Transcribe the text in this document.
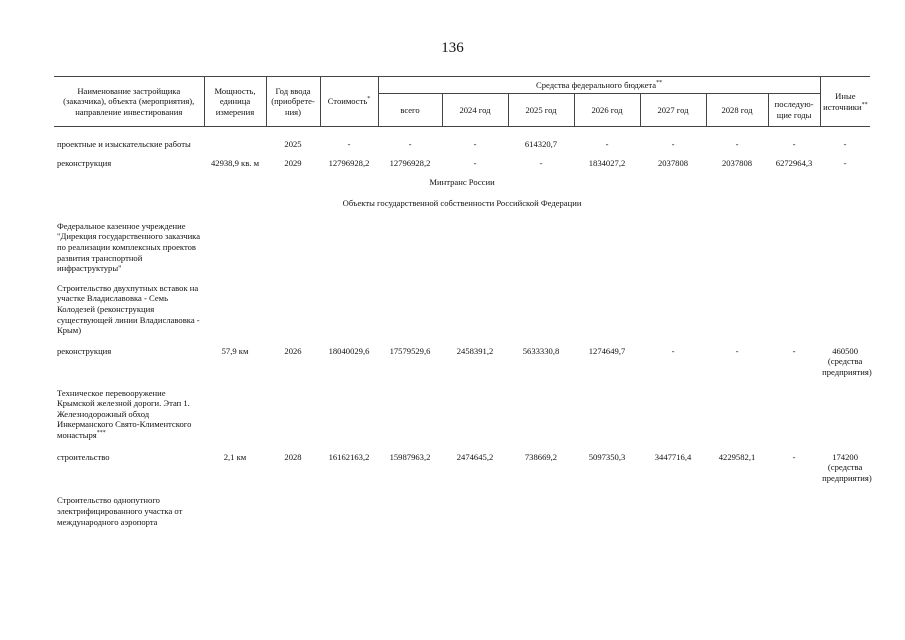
136
Наименование застройщика (заказчика), объекта (мероприятия), направление инвестирования	Мощность, единица измерения	Год ввода (приобрете- ния)	Стоимость*	Средства федерального бюджета**							Иные источники**
				всего	2024 год	2025 год	2026 год	2027 год	2028 год	последую- щие годы	

проектные и изыскательские работы		2025	-	-	-	614320,7	-	-	-	-	-

реконструкция	42938,9 кв. м	2029	12796928,2	12796928,2	-	-	1834027,2	2037808	2037808	6272964,3	-

Минтранс России											

Объекты государственной собственности Российской Федерации											

Федеральное казенное учреждение "Дирекция государственного заказчика по реализации комплексных проектов развития транспортной инфраструктуры"											

Строительство двухпутных вставок на участке Владиславовка - Семь Колодезей (реконструкция существующей линии Владиславовка - Крым)											

реконструкция	57,9 км	2026	18040029,6	17579529,6	2458391,2	5633330,8	1274649,7	-	-	-	460500 (средства предприятия)

Техническое перевооружение Крымской железной дороги. Этап 1. Железнодорожный обход Инкерманского Свято-Климентского монастыря***	

строительство	2,1 км	2028	16162163,2	15987963,2	2474645,2	738669,2	5097350,3	3447716,4	4229582,1	-	174200 (средства предприятия)

Строительство однопутного электрифицированного участка от международного аэропорта											
